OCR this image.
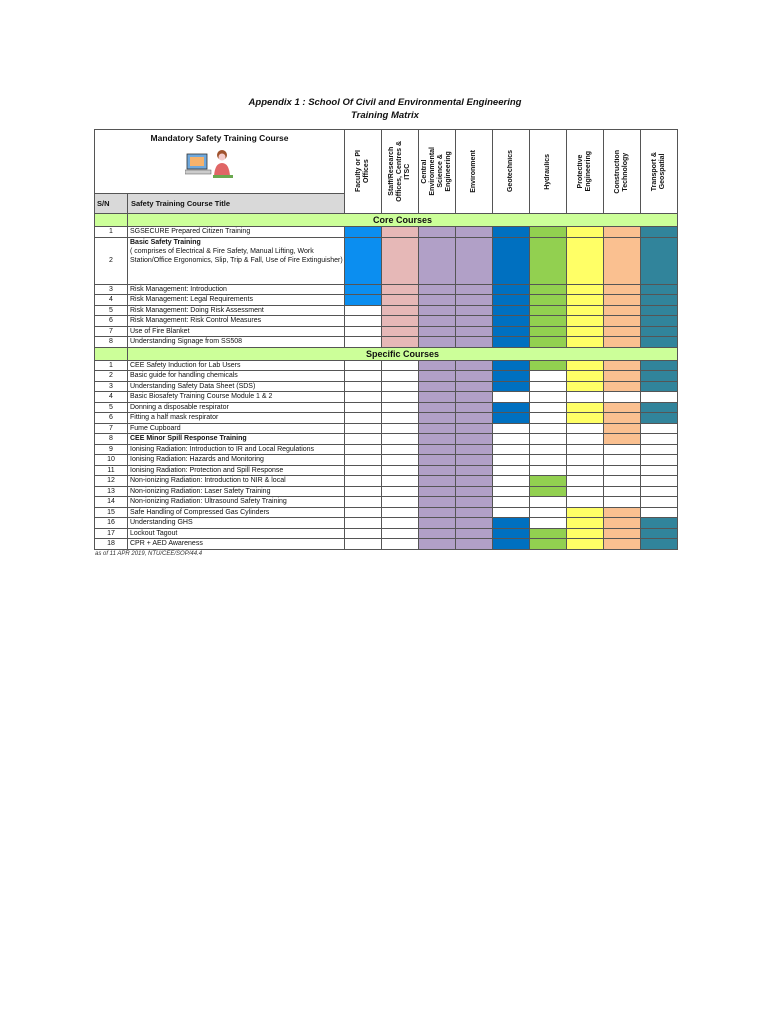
Appendix 1 : School Of Civil and Environmental Engineering
Training Matrix
Mandatory Safety Training Course		Faculty or PI
Offices	Staff/Research
Offices, Centres &
ITSC	Central
Environmental
Science &
Engineering	Environment	Geotechnics	Hydraulics	Protective
Engineering	Construction
Technology	Transport &
Geospatial

S/N	Safety Training Course Title									
	Core Courses									
1	SGSECURE Prepared Citizen Training									
2	Basic Safety Training
( comprises of Electrical & Fire Safety, Manual Lifting, Work Station/Office Ergonomics, Slip, Trip & Fall, Use of Fire Extinguisher)									

3	Risk Management: Introduction									
4	Risk Management: Legal Requirements									
5	Risk Management: Doing Risk Assessment									
6	Risk Management: Risk Control Measures									
7	Use of Fire Blanket									
8	Understanding Signage from SS508									
	Specific Courses									
1	CEE Safety Induction for Lab Users									
2	Basic guide for handling chemicals									
3	Understanding Safety Data Sheet (SDS)									
4	Basic Biosafety Training Course Module 1 & 2									
5	Donning a disposable respirator									
6	Fitting a half mask respirator									
7	Fume Cupboard									
8	CEE Minor Spill Response Training									
9	Ionising Radiation: Introduction to IR and Local Regulations									
10	Ionising Radiation: Hazards and Monitoring									
11	Ionising Radiation: Protection and Spill Response									
12	Non-ionizing Radiation: Introduction to NIR & local									
13	Non-ionizing Radiation: Laser Safety Training									
14	Non-ionizing Radiation: Ultrasound Safety Training									
15	Safe Handling of Compressed Gas Cylinders									
16	Understanding GHS									
17	Lockout Tagout									
18	CPR + AED Awareness									
as of 11 APR 2019, NTU/CEE/SOP/44.4
